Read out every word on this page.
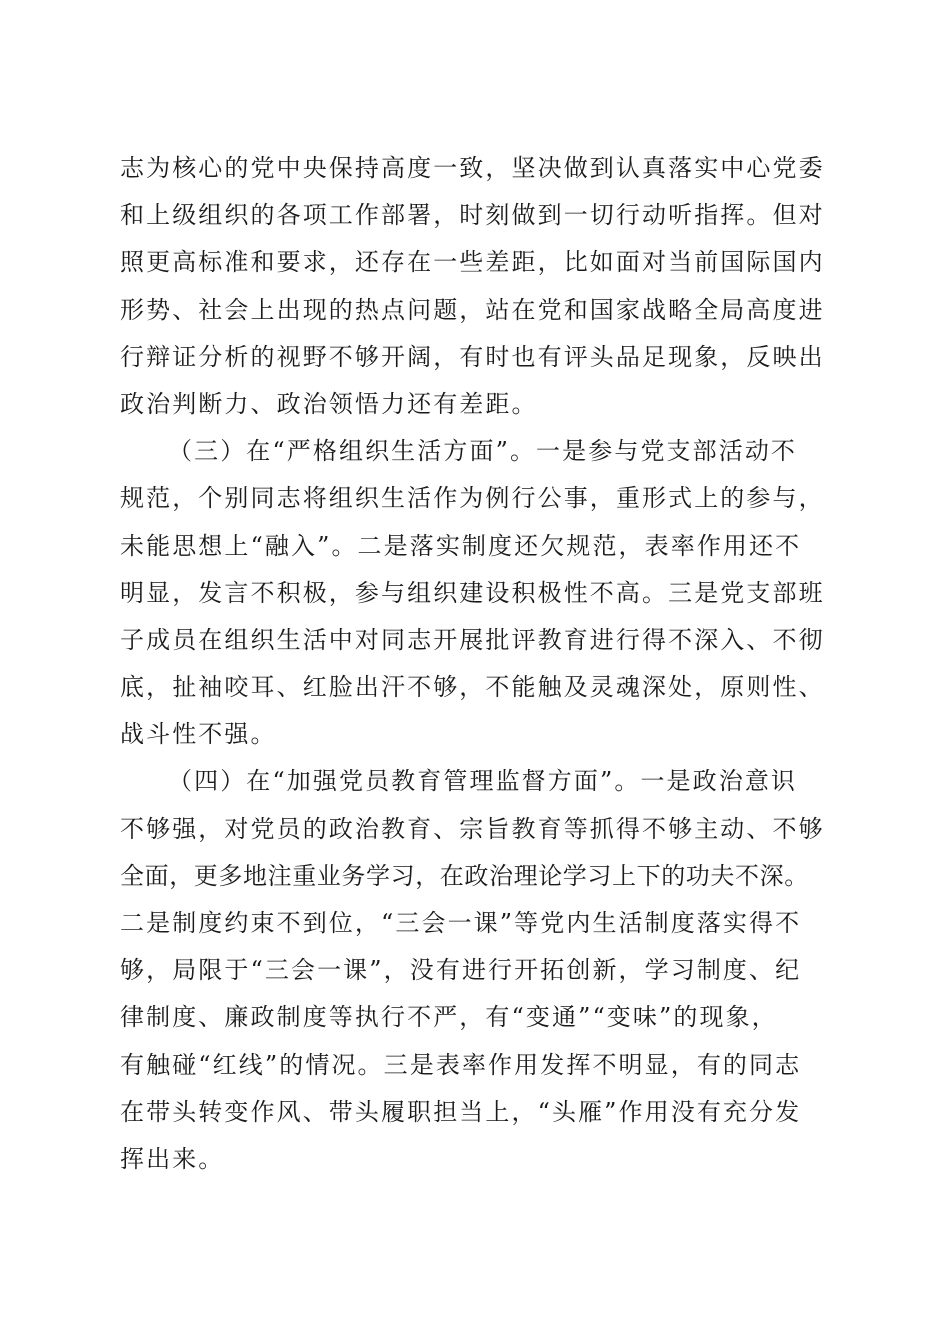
志为核心的党中央保持高度一致，坚决做到认真落实中心党委
和上级组织的各项工作部署，时刻做到一切行动听指挥。但对
照更高标准和要求，还存在一些差距，比如面对当前国际国内
形势、社会上出现的热点问题，站在党和国家战略全局高度进
行辩证分析的视野不够开阔，有时也有评头品足现象，反映出
政治判断力、政治领悟力还有差距。
（三）在“严格组织生活方面”。一是参与党支部活动不
规范，个别同志将组织生活作为例行公事，重形式上的参与，
未能思想上“融入”。二是落实制度还欠规范，表率作用还不
明显，发言不积极，参与组织建设积极性不高。三是党支部班
子成员在组织生活中对同志开展批评教育进行得不深入、不彻
底，扯袖咬耳、红脸出汗不够，不能触及灵魂深处，原则性、
战斗性不强。
（四）在“加强党员教育管理监督方面”。一是政治意识
不够强，对党员的政治教育、宗旨教育等抓得不够主动、不够
全面，更多地注重业务学习，在政治理论学习上下的功夫不深。
二是制度约束不到位，“三会一课”等党内生活制度落实得不
够，局限于“三会一课”，没有进行开拓创新，学习制度、纪
律制度、廉政制度等执行不严，有“变通”“变味”的现象，
有触碰“红线”的情况。三是表率作用发挥不明显，有的同志
在带头转变作风、带头履职担当上，“头雁”作用没有充分发
挥出来。
